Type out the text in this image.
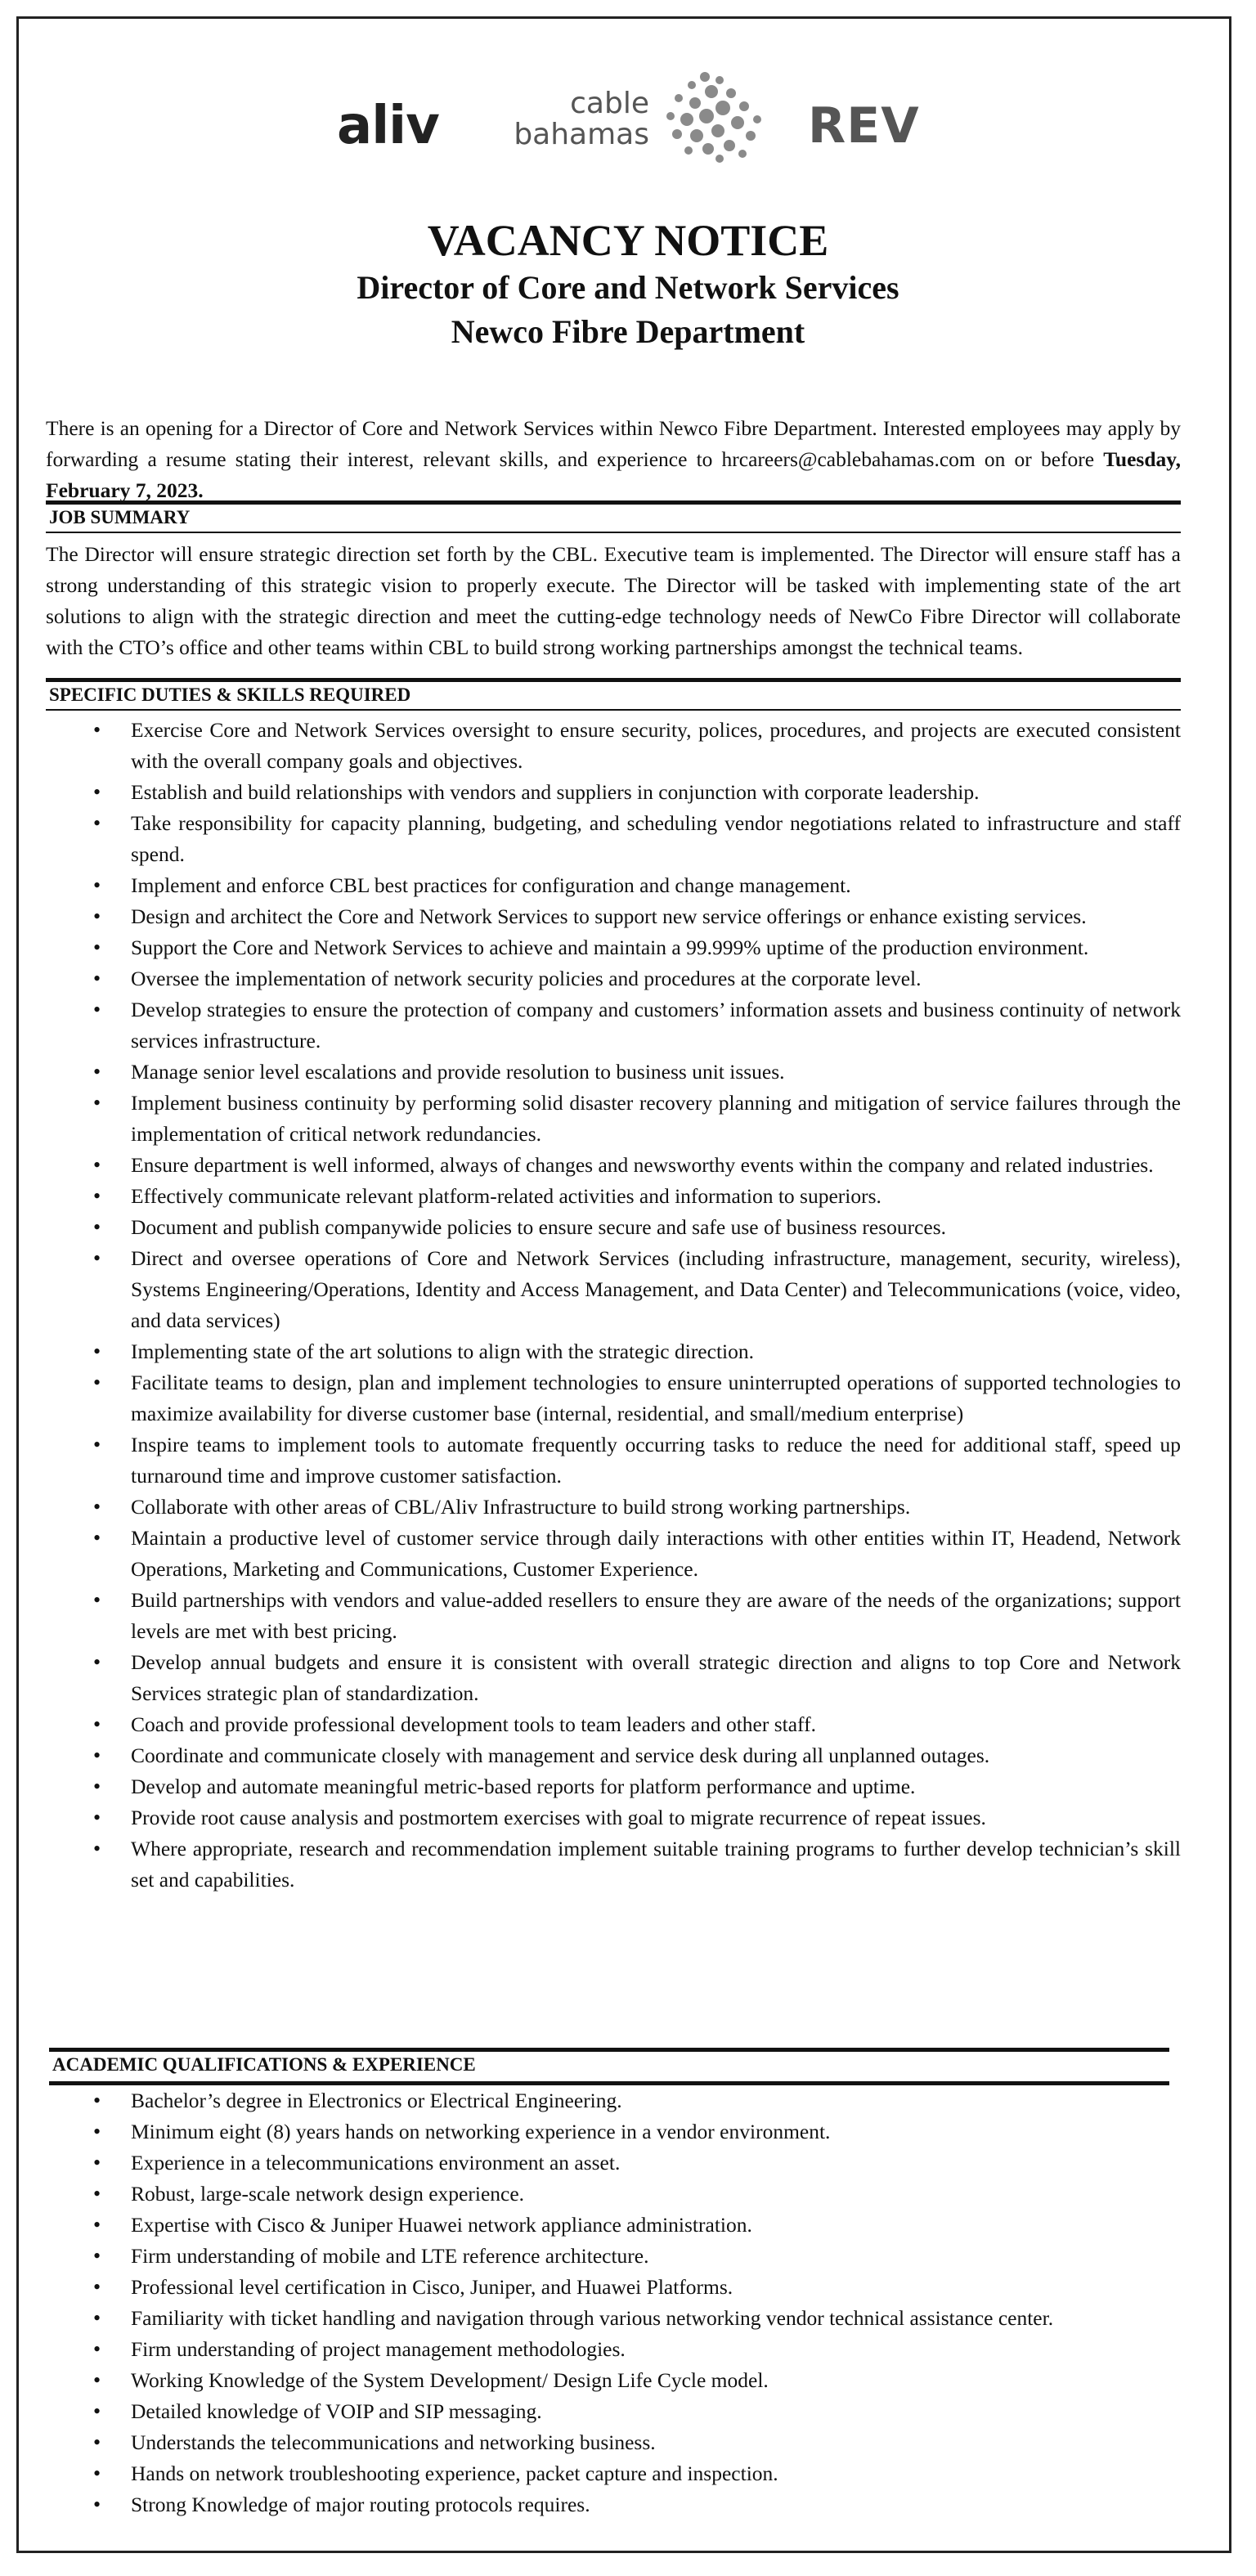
aliv	cable
bahamas	REV
VACANCY NOTICE
Director of Core and Network Services
Newco Fibre Department
There is an opening for a Director of Core and Network Services within Newco Fibre Department. Interested employees may apply by forwarding a resume stating their interest, relevant skills, and experience to hrcareers@cablebahamas.com on or before Tuesday, February 7, 2023.
JOB SUMMARY
The Director will ensure strategic direction set forth by the CBL. Executive team is implemented. The Director will ensure staff has a strong understanding of this strategic vision to properly execute. The Director will be tasked with implementing state of the art solutions to align with the strategic direction and meet the cutting-edge technology needs of NewCo Fibre Director will collaborate with the CTO’s office and other teams within CBL to build strong working partnerships amongst the technical teams.
SPECIFIC DUTIES & SKILLS REQUIRED
• Exercise Core and Network Services oversight to ensure security, polices, procedures, and projects are executed consistent with the overall company goals and objectives.
• Establish and build relationships with vendors and suppliers in conjunction with corporate leadership.
• Take responsibility for capacity planning, budgeting, and scheduling vendor negotiations related to infrastructure and staff spend.
• Implement and enforce CBL best practices for configuration and change management.
• Design and architect the Core and Network Services to support new service offerings or enhance existing services.
• Support the Core and Network Services to achieve and maintain a 99.999% uptime of the production environment.
• Oversee the implementation of network security policies and procedures at the corporate level.
• Develop strategies to ensure the protection of company and customers’ information assets and business continuity of network services infrastructure.
• Manage senior level escalations and provide resolution to business unit issues.
• Implement business continuity by performing solid disaster recovery planning and mitigation of service failures through the implementation of critical network redundancies.
• Ensure department is well informed, always of changes and newsworthy events within the company and related industries.
• Effectively communicate relevant platform-related activities and information to superiors.
• Document and publish companywide policies to ensure secure and safe use of business resources.
• Direct and oversee operations of Core and Network Services (including infrastructure, management, security, wireless), Systems Engineering/Operations, Identity and Access Management, and Data Center) and Telecommunications (voice, video, and data services)
• Implementing state of the art solutions to align with the strategic direction.
• Facilitate teams to design, plan and implement technologies to ensure uninterrupted operations of supported technologies to maximize availability for diverse customer base (internal, residential, and small/medium enterprise)
• Inspire teams to implement tools to automate frequently occurring tasks to reduce the need for additional staff, speed up turnaround time and improve customer satisfaction.
• Collaborate with other areas of CBL/Aliv Infrastructure to build strong working partnerships.
• Maintain a productive level of customer service through daily interactions with other entities within IT, Headend, Network Operations, Marketing and Communications, Customer Experience.
• Build partnerships with vendors and value-added resellers to ensure they are aware of the needs of the organizations; support levels are met with best pricing.
• Develop annual budgets and ensure it is consistent with overall strategic direction and aligns to top Core and Network Services strategic plan of standardization.
• Coach and provide professional development tools to team leaders and other staff.
• Coordinate and communicate closely with management and service desk during all unplanned outages.
• Develop and automate meaningful metric-based reports for platform performance and uptime.
• Provide root cause analysis and postmortem exercises with goal to migrate recurrence of repeat issues.
• Where appropriate, research and recommendation implement suitable training programs to further develop technician’s skill set and capabilities.
ACADEMIC QUALIFICATIONS & EXPERIENCE
• Bachelor’s degree in Electronics or Electrical Engineering.
• Minimum eight (8) years hands on networking experience in a vendor environment.
• Experience in a telecommunications environment an asset.
• Robust, large-scale network design experience.
• Expertise with Cisco & Juniper Huawei network appliance administration.
• Firm understanding of mobile and LTE reference architecture.
• Professional level certification in Cisco, Juniper, and Huawei Platforms.
• Familiarity with ticket handling and navigation through various networking vendor technical assistance center.
• Firm understanding of project management methodologies.
• Working Knowledge of the System Development/ Design Life Cycle model.
• Detailed knowledge of VOIP and SIP messaging.
• Understands the telecommunications and networking business.
• Hands on network troubleshooting experience, packet capture and inspection.
• Strong Knowledge of major routing protocols requires.
